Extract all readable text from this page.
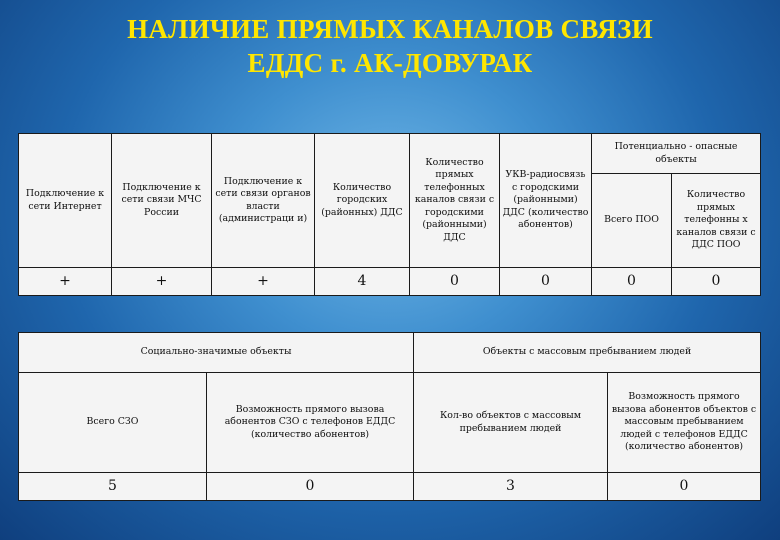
НАЛИЧИЕ ПРЯМЫХ КАНАЛОВ СВЯЗИ
ЕДДС г. АК-ДОВУРАК
Подключение к сети Интернет	Подключение к сети связи МЧС России	Подключение к сети связи органов власти (администраци и)	Количество городских (районных) ДДС	Количество прямых телефонных каналов связи с городскими (районными) ДДС	УКВ-радиосвязь с городскими (районными) ДДС (количество абонентов)	Потенциально - опасные объекты	
						Всего ПОО	Количество прямых телефонны х каналов связи с ДДС ПОО
+	+	+	4	0	0	0	0
Социально-значимые объекты		Объекты с массовым пребыванием людей	
Всего СЗО	Возможность прямого вызова абонентов СЗО с телефонов ЕДДС (количество абонентов)	Кол-во объектов с массовым пребыванием людей	Возможность прямого вызова абонентов объектов с массовым пребыванием людей с телефонов ЕДДС (количество абонентов)
5	0	3	0
